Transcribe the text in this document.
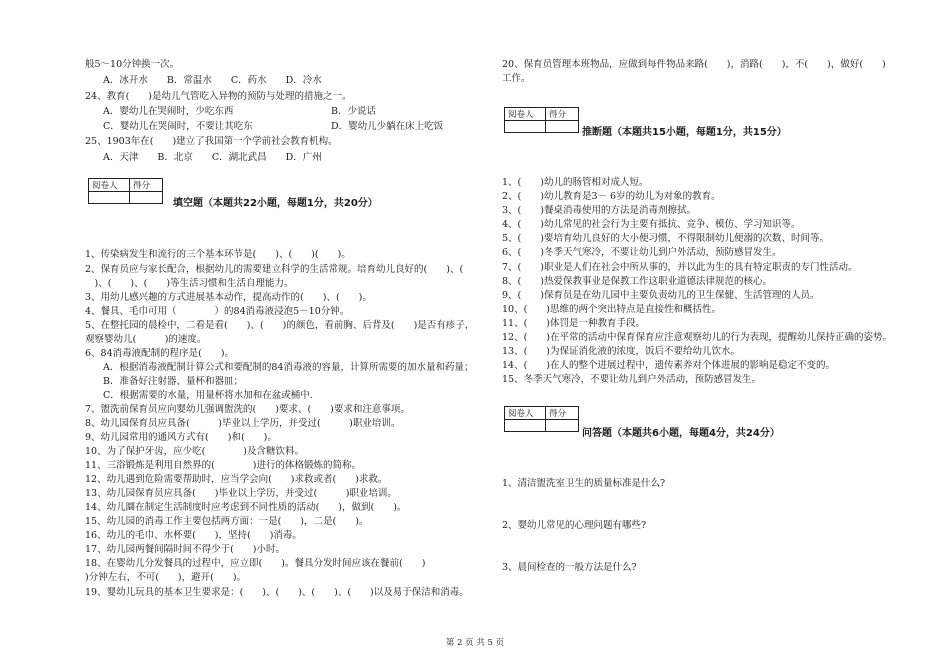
般5～10分钟换一次。
A．冰开水　　B．常温水　　C．药水　　D．冷水
24、教育(　　)是幼儿气管吃入异物的预防与处理的措施之一。
A．婴幼儿在哭闹时，少吃东西	B．少说话
C．婴幼儿在哭闹时，不要让其吃东	D．婴幼儿少躺在床上吃饭
25、1903年在(　　)建立了我国第一个学前社会教育机构。
A．天津　　B．北京　　C．湖北武昌　　D．广州
阅卷人	得分

填空题（本题共22小题，每题1分，共20分）
1、传染病发生和流行的三个基本环节是(　　)、(　　)(　　)。
2、保育员应与家长配合，根据幼儿的需要建立科学的生活常规。培育幼儿良好的(　　)、(
　)、(　　)、(　　)等生活习惯和生活自理能力。
3、用幼儿感兴趣的方式进展基本动作，提高动作的(　　)、(　　)。
4、餐具、毛巾可用（　　　　）的84消毒液浸泡5－10分钟。
5、在整托园的晨检中，二看是看(　　)、(　　)的颜色，看前胸、后背及(　　)是否有疹子，
观察婴幼儿(　　　)的速度。
6、84消毒液配制的程序是(　　)。
A．根据消毒液配制计算公式和要配制的84消毒液的容量，计算所需要的加水量和药量；
B．准备好注射器、量杯和器皿；
C．根据需要的水量，用量杯将水加和在盆或桶中.
7、盥洗前保育员应向婴幼儿强调盥洗的(　　)要求、(　　)要求和注意事项。
8、幼儿园保育员应具备(　　　)毕业以上学历，并受过(　　　)职业培训。
9、幼儿园常用的通风方式有(　　)和(　　)。
10、为了保护牙齿，应少吃(　　　　)及含糖饮料。
11、三浴锻炼是利用自然界的(　　　　)进行的体格锻炼的简称。
12、幼儿遇到危险需要帮助时，应当学会向(　　)求救或者(　　)求救。
13、幼儿园保育员应具备(　　)毕业以上学历，并受过(　　　)职业培训。
14、幼儿圜在制定生活制度时应考虑到不同性质的活动(　　)，做到(　　)。
15、幼儿园的消毒工作主要包括两方面：一是(　　)，二是(　　)。
16、幼儿的毛巾、水杯要(　　)，坚持(　　)消毒。
17、幼儿园两餐间隔时间不得少于(　　)小时。
18、在婴幼儿分发餐具的过程中，应立即(　　)。餐具分发时间应该在餐前(　　)
)分钟左右，不可(　　)，避开(　　)。
19、婴幼儿玩具的基本卫生要求是：(　　)、(　　)、(　　)、(　　)以及易于保洁和消毒。
20、保育员管理本班物品，应做到每件物品来路(　　)，消路(　　)，不(　　)，做好(　　)
工作。
阅卷人	得分

推断题（本题共15小题，每题1分，共15分）
1、(　　)幼儿的肠管相对成人短。
2、(　　)幼儿教育是3－ 6岁的幼儿为对象的教育。
3、(　　)餐桌消毒使用的方法是消毒剂擦拭。
4、(　　)幼儿常见的社会行为主要有抵抗、竞争、模仿、学习知识等。
5、(　　)要培育幼儿良好的大小便习惯，不得限制幼儿便溺的次数、时间等。
6、(　　)冬季天气寒冷，不要让幼儿到户外活动，预防感冒发生。
7、(　　)职业是人们在社会中所从事的，并以此为生的具有特定职责的专门性活动。
8、(　　)热爱保教事业是保教工作这职业道德法律规范的核心。
9、(　　)保育员是在幼儿园中主要负责幼儿的卫生保健、生活管理的人员。
10、(　　)思维的两个突出特点是直接性和概括性。
11、(　　)体罚是一种教育手段。
12、(　　)在平常的活动中保育保育应注意观察幼儿的行为表现，提醒幼儿保持正确的姿势。
13、(　　)为保证消化液的浓度，饭后不要给幼儿饮水。
14、(　　)在人的整个进展过程中，遗传素养对个体进展的影响是稳定不变的。
15、冬季天气寒冷，不要让幼儿到户外活动，预防感冒发生。
阅卷人	得分

问答题（本题共6小题，每题4分，共24分）
1、清洁盥洗室卫生的质量标准是什么?
2、婴幼儿常见的心理问题有哪些?
3、晨间检查的一般方法是什么?
第 2 页 共 5 页
